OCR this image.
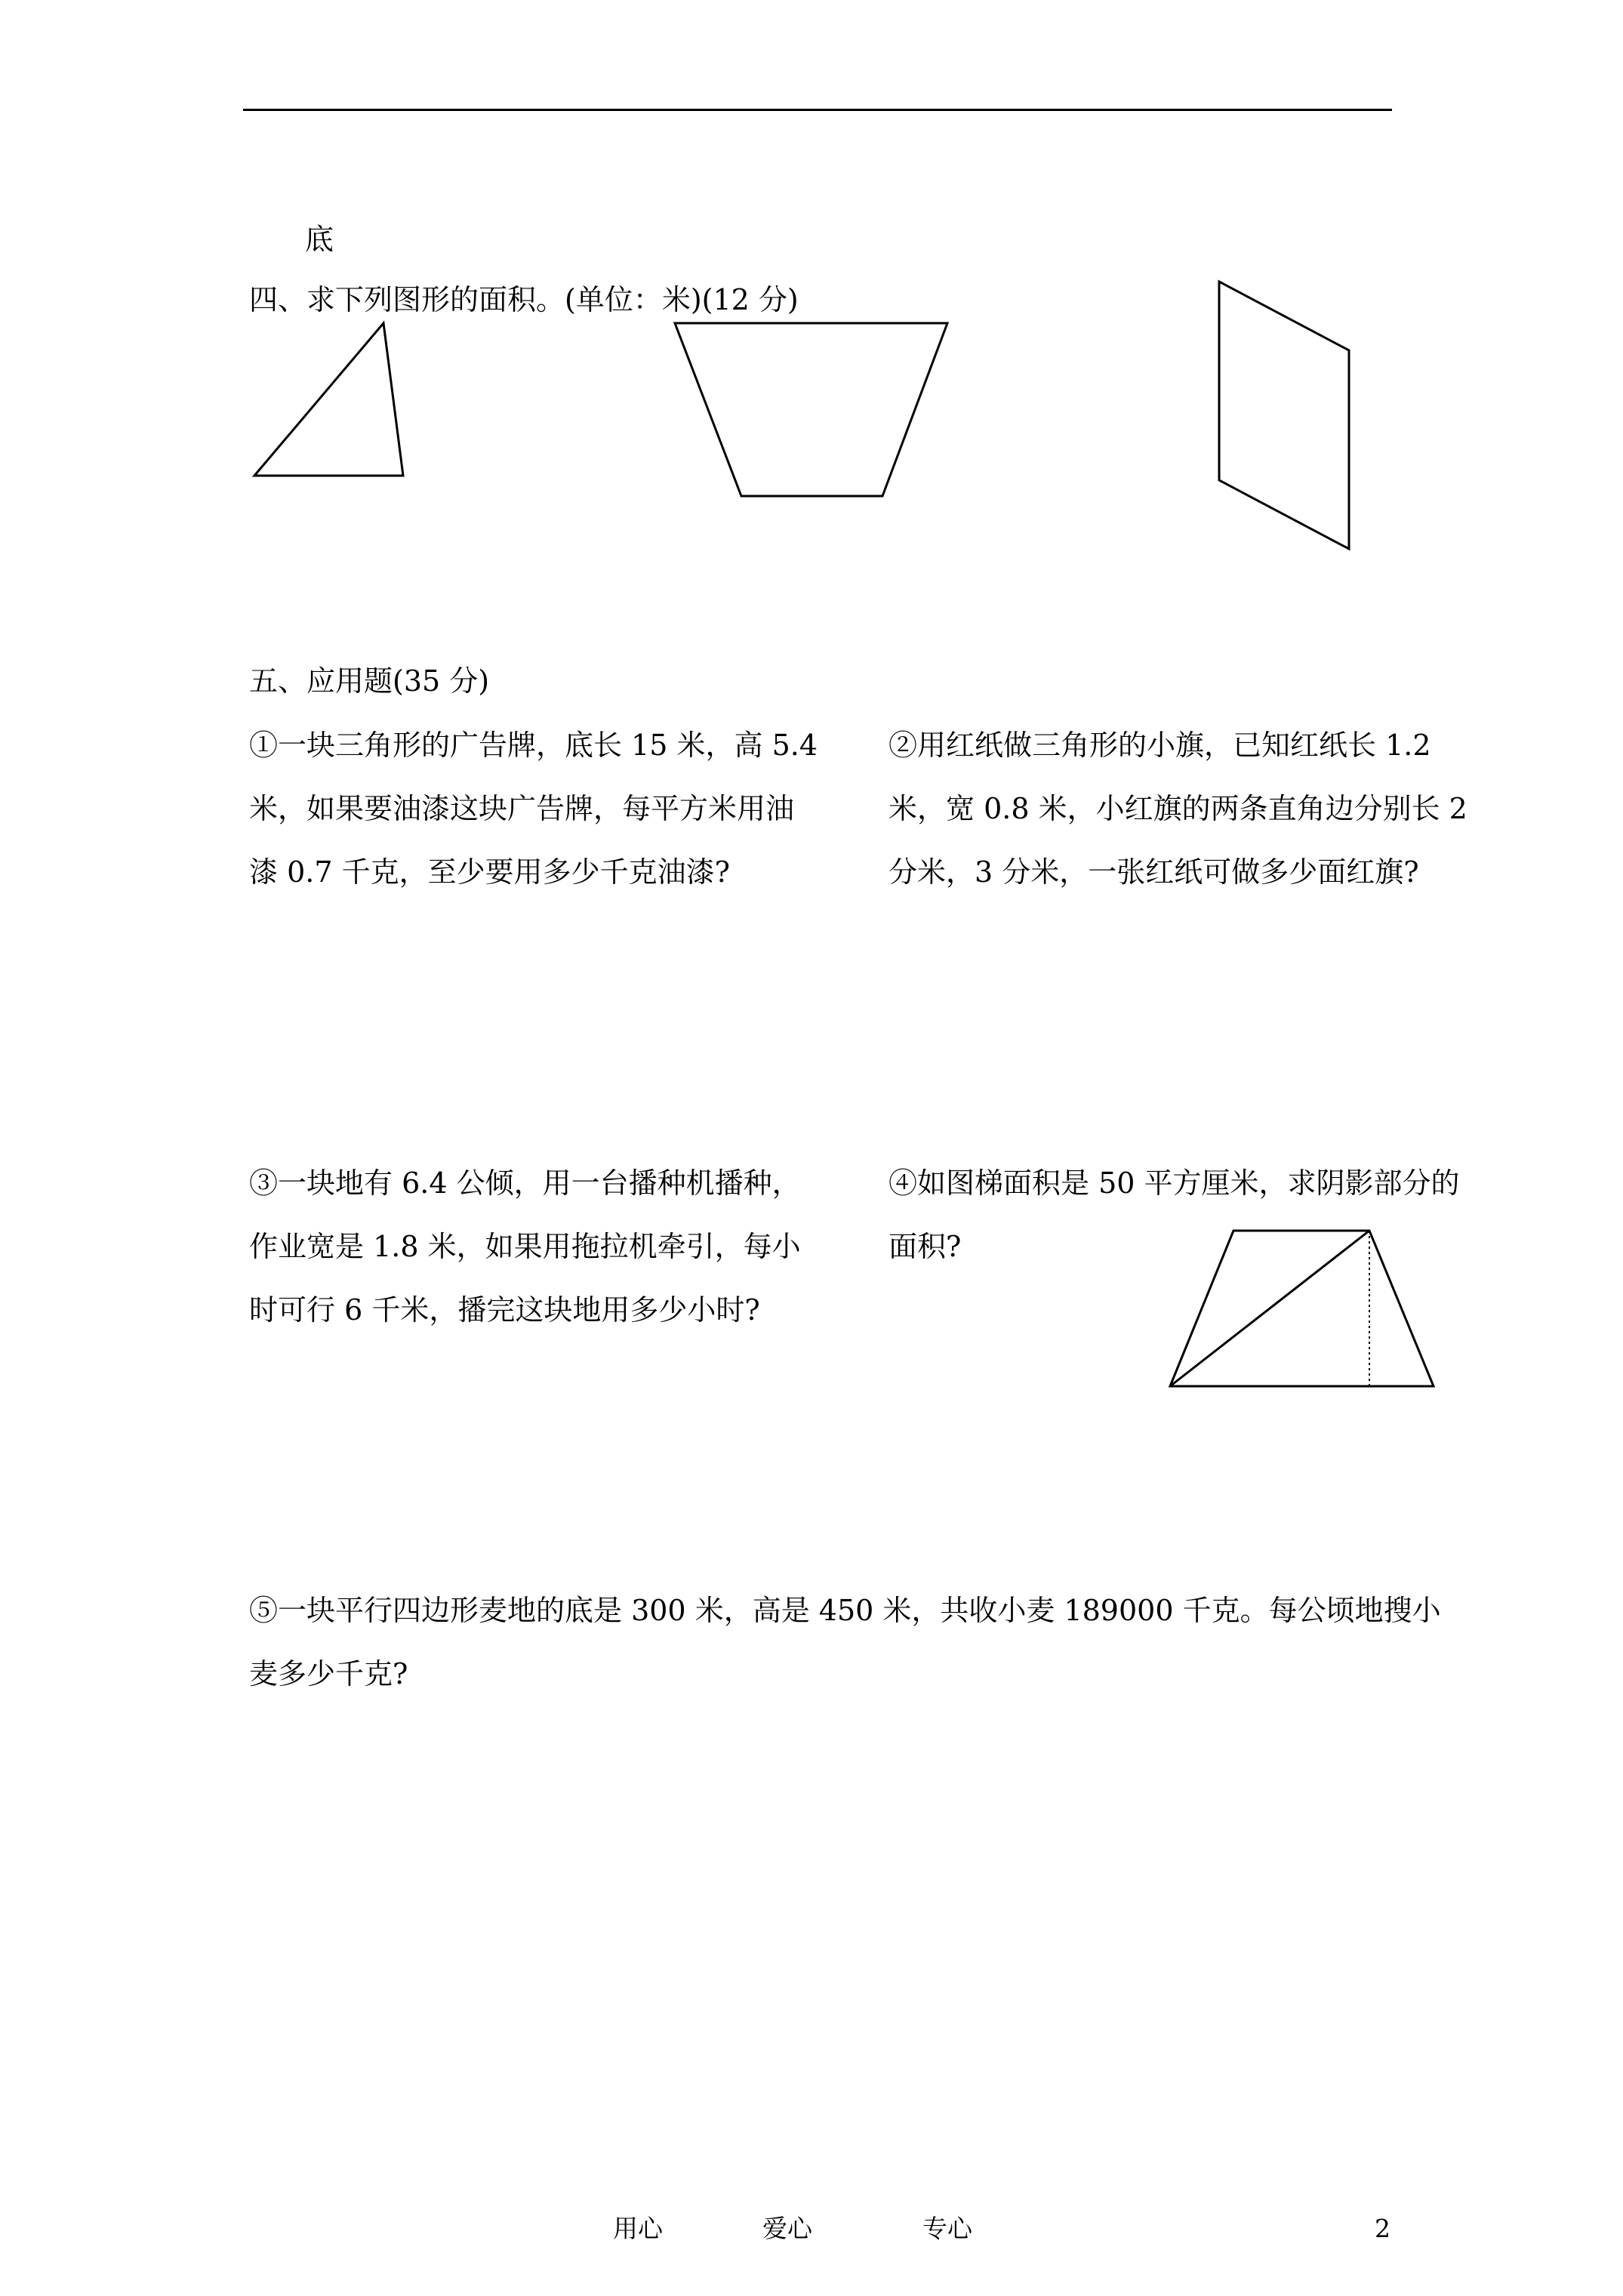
底
四、求下列图形的面积。(单位：米)(12 分)
五、应用题(35 分)
①一块三角形的广告牌，底长 15 米，高 5.4
米，如果要油漆这块广告牌，每平方米用油
漆 0.7 千克，至少要用多少千克油漆?
②用红纸做三角形的小旗，已知红纸长 1.2
米，宽 0.8 米，小红旗的两条直角边分别长 2
分米，3 分米，一张红纸可做多少面红旗?
③一块地有 6.4 公倾，用一台播种机播种，
作业宽是 1.8 米，如果用拖拉机牵引，每小
时可行 6 千米，播完这块地用多少小时?
④如图梯面积是 50 平方厘米，求阴影部分的
面积?
⑤一块平行四边形麦地的底是 300 米，高是 450 米，共收小麦 189000 千克。每公顷地搜小
麦多少千克?
用心	爱心	专心	2
